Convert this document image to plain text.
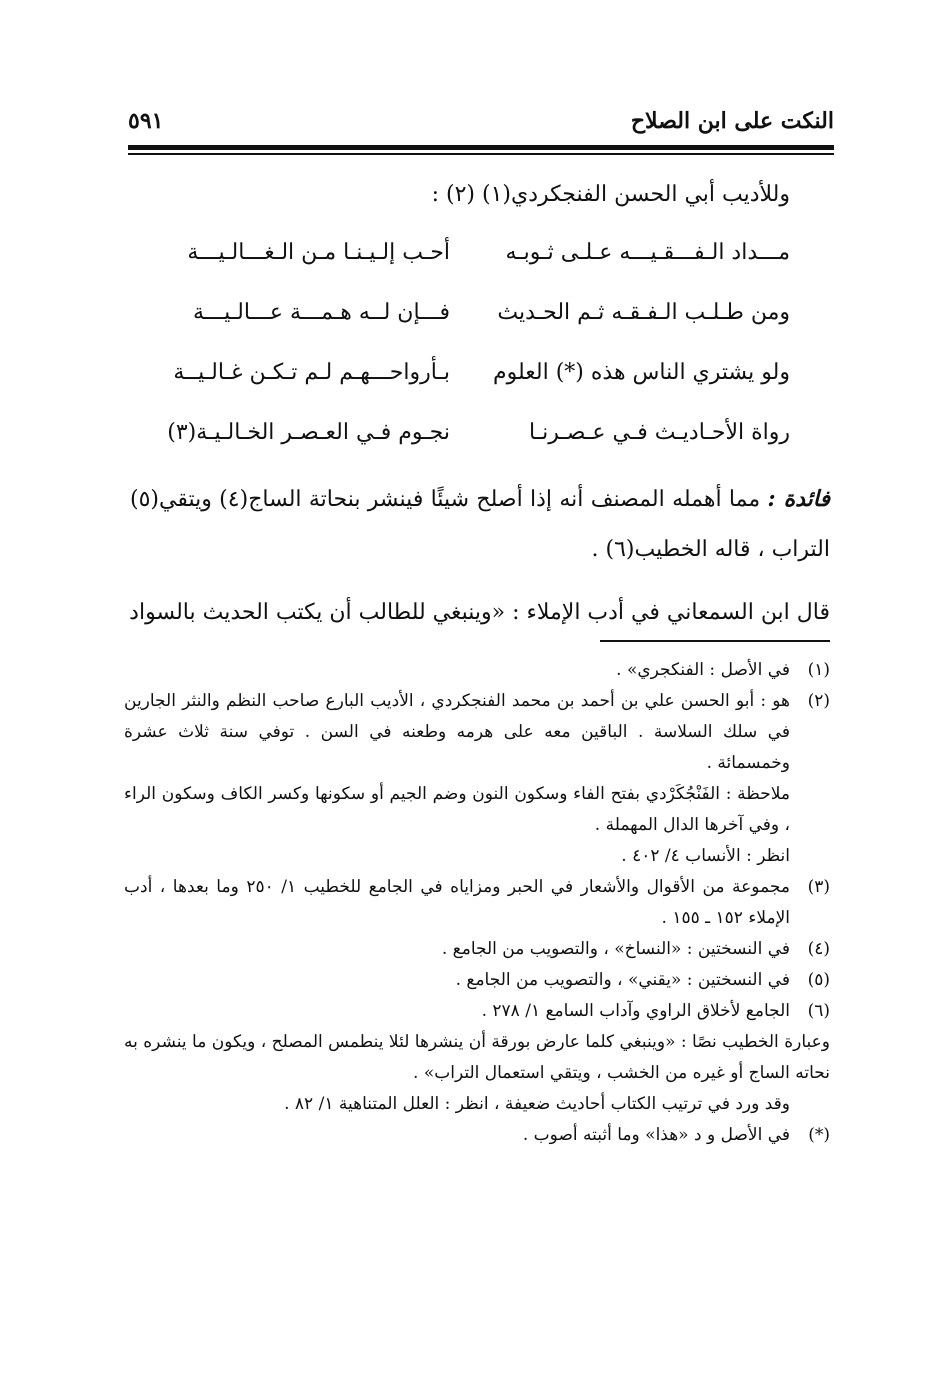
النكت على ابن الصلاح
٥٩١
وللأديب أبي الحسن الفنجكردي(١) (٢) :
مـــداد الـفـــقـيـــه عـلـى ثـوبـه
أحـب إلـيـنـا مـن الـغـــالـيـــة
ومن طـلـب الـفـقـه ثـم الحـديث
فـــإن لــه هـمـــة عـــالـيـــة
ولو يشتري الناس هذه (*) العلوم
بـأرواحـــهـم لـم تـكـن غـالـيــة
رواة الأحـاديـث فـي عـصـرنـا
نجـوم فـي العـصـر الخـالـيـة(٣)
فائدة : مما أهمله المصنف أنه إذا أصلح شيئًا فينشر بنحاتة الساج(٤) ويتقي(٥) التراب ، قاله الخطيب(٦) .
قال ابن السمعاني في أدب الإملاء : «وينبغي للطالب أن يكتب الحديث بالسواد
(١)
في الأصل : الفنكجري» .
(٢)

هو : أبو الحسن علي بن أحمد بن محمد الفنجكردي ، الأديب البارع صاحب النظم والنثر الجارين في سلك السلاسة . الباقين معه على هرمه وطعنه في السن . توفي سنة ثلاث عشرة وخمسمائة .

ملاحظة : الفَنْجُكَرْدي بفتح الفاء وسكون النون وضم الجيم أو سكونها وكسر الكاف وسكون الراء ، وفي آخرها الدال المهملة .

انظر : الأنساب ٤/ ٤٠٢ .

(٣)
مجموعة من الأقوال والأشعار في الحبر ومزاياه في الجامع للخطيب ١/ ٢٥٠ وما بعدها ، أدب الإملاء ١٥٢ ـ ١٥٥ .
(٤)
في النسختين : «النساخ» ، والتصويب من الجامع .
(٥)
في النسختين : «يقني» ، والتصويب من الجامع .
(٦)
الجامع لأخلاق الراوي وآداب السامع ١/ ٢٧٨ .

وعبارة الخطيب نصًا : «وينبغي كلما عارض بورقة أن ينشرها لئلا ينطمس المصلح ، ويكون ما ينشره به نحاته الساج أو غيره من الخشب ، ويتقي استعمال التراب» .

وقد ورد في ترتيب الكتاب أحاديث ضعيفة ، انظر : العلل المتناهية ١/ ٨٢ .

(*)
في الأصل و د «هذا» وما أثبته أصوب .
